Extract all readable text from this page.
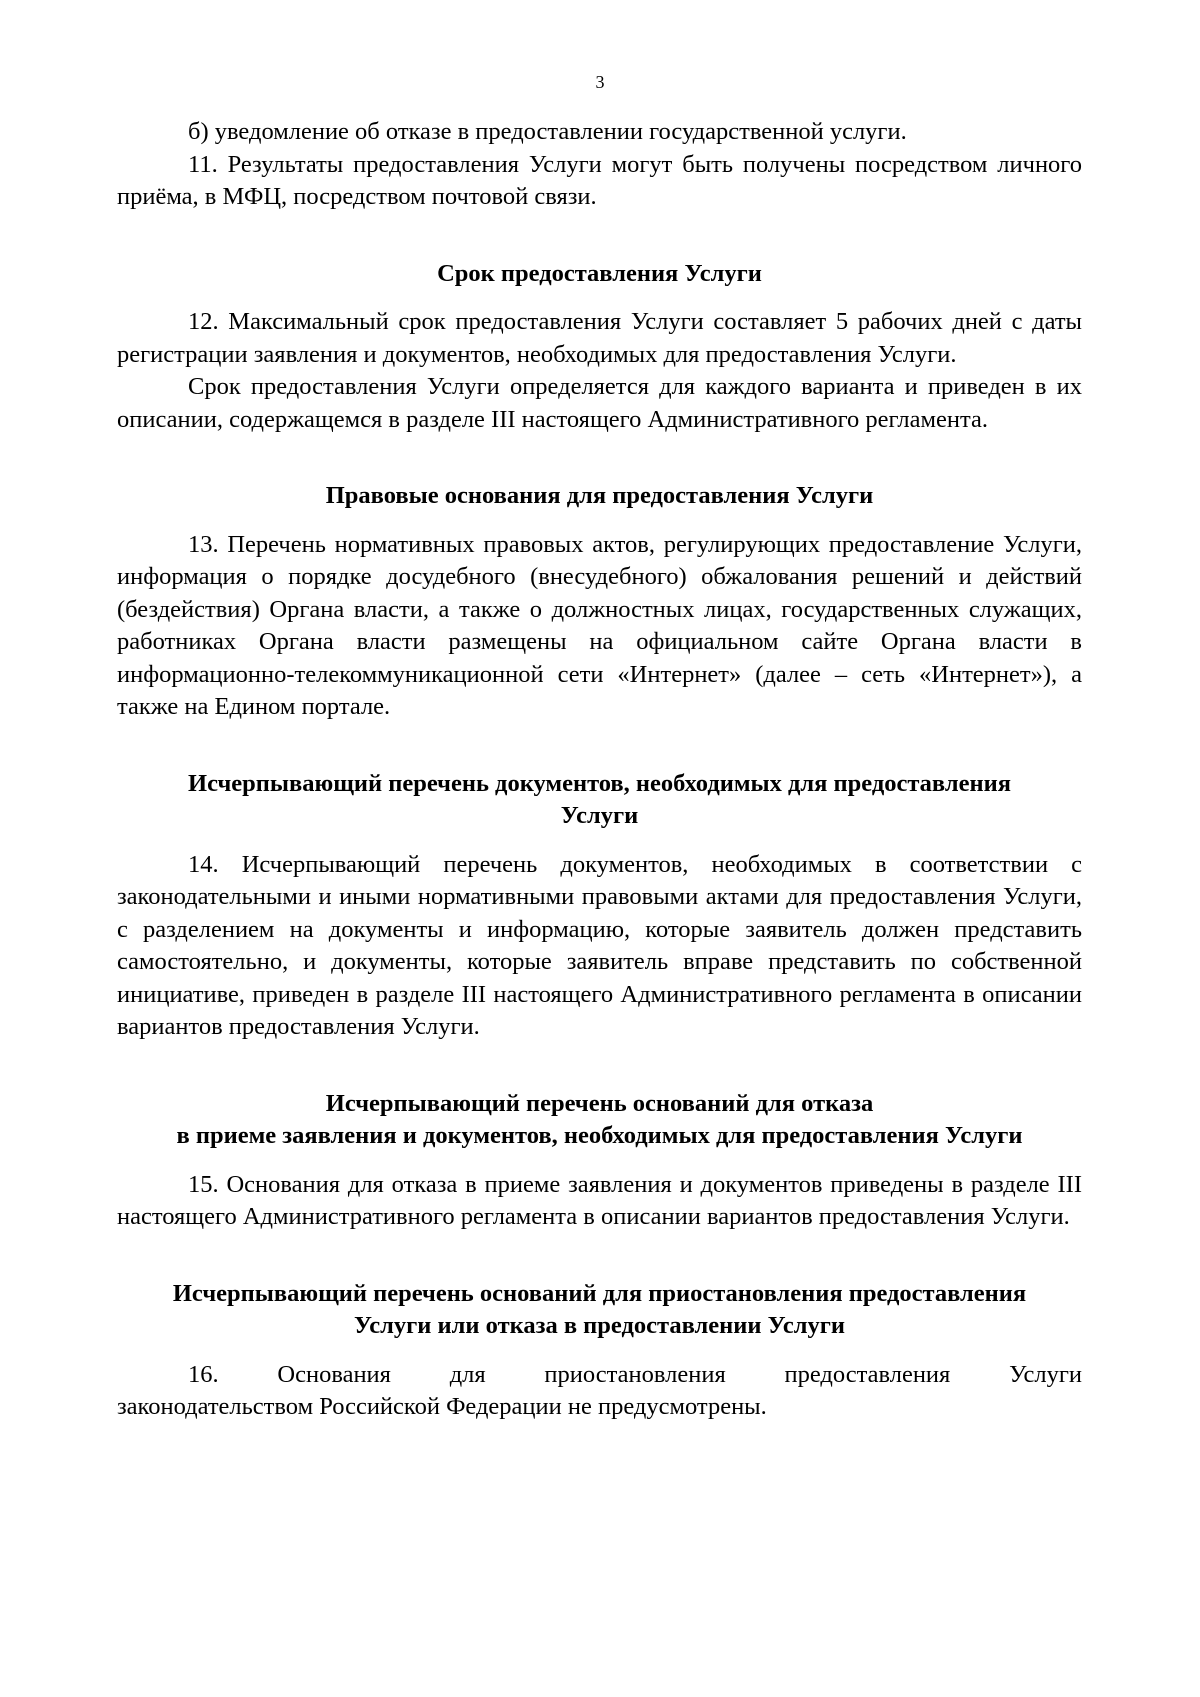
3

б) уведомление об отказе в предоставлении государственной услуги.

11. Результаты предоставления Услуги могут быть получены посредством личного приёма, в МФЦ, посредством почтовой связи.

Срок предоставления Услуги

12. Максимальный срок предоставления Услуги составляет 5 рабочих дней с даты регистрации заявления и документов, необходимых для предоставления Услуги.

Срок предоставления Услуги определяется для каждого варианта и приведен в их описании, содержащемся в разделе III настоящего Административного регламента.

Правовые основания для предоставления Услуги

13. Перечень нормативных правовых актов, регулирующих предоставление Услуги, информация о порядке досудебного (внесудебного) обжалования решений и действий (бездействия) Органа власти, а также о должностных лицах, государственных служащих, работниках Органа власти размещены на официальном сайте Органа власти в информационно-телекоммуникационной сети «Интернет» (далее – сеть «Интернет»), а также на Едином портале.

Исчерпывающий перечень документов, необходимых для предоставления
Услуги

14. Исчерпывающий перечень документов, необходимых в соответствии с законодательными и иными нормативными правовыми актами для предоставления Услуги, с разделением на документы и информацию, которые заявитель должен представить самостоятельно, и документы, которые заявитель вправе представить по собственной инициативе, приведен в разделе III настоящего Административного регламента в описании вариантов предоставления Услуги.

Исчерпывающий перечень оснований для отказа
в приеме заявления и документов, необходимых для предоставления Услуги

15. Основания для отказа в приеме заявления и документов приведены в разделе III настоящего Административного регламента в описании вариантов предоставления Услуги.

Исчерпывающий перечень оснований для приостановления предоставления
Услуги или отказа в предоставлении Услуги

16. Основания для приостановления предоставления Услуги

законодательством Российской Федерации не предусмотрены.
